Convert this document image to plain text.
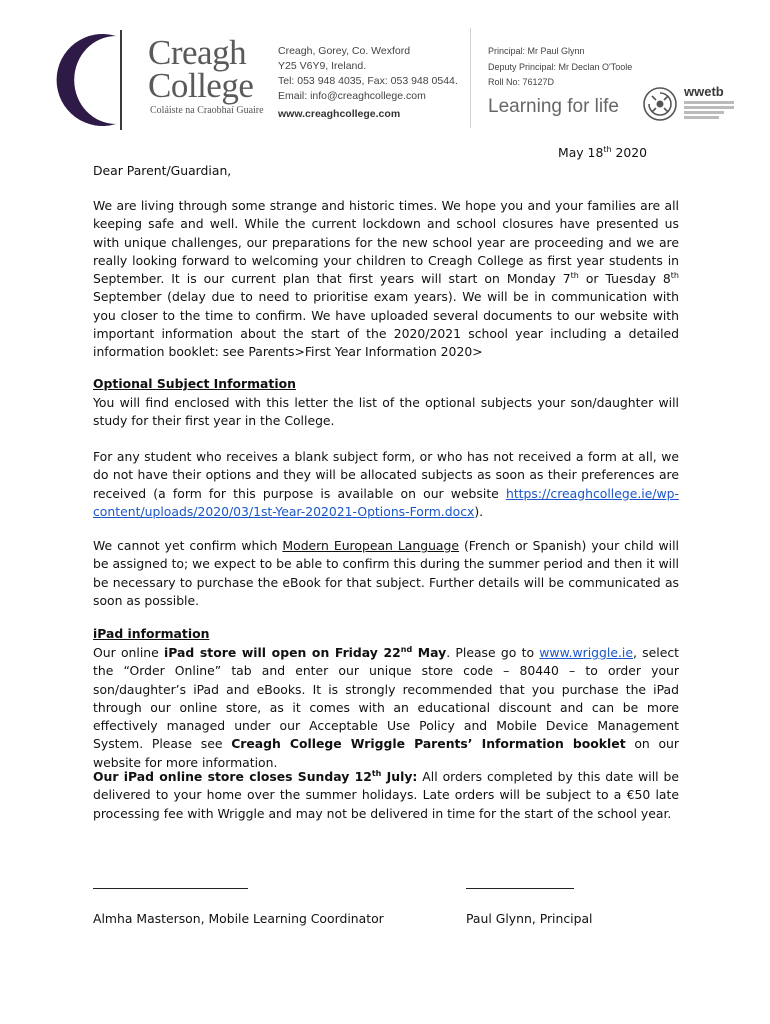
Creagh
College
Coláiste na Craobhaí Guaire
Creagh, Gorey, Co. Wexford
Y25 V6Y9, Ireland.
Tel: 053 948 4035, Fax: 053 948 0544.
Email: info@creaghcollege.com
www.creaghcollege.com
Principal: Mr Paul Glynn
Deputy Principal: Mr Declan O'Toole
Roll No: 76127D
Learning for life
wwetb
May 18th 2020
Dear Parent/Guardian,

We are living through some strange and historic times. We hope you and your families are all keeping safe and well. While the current lockdown and school closures have presented us with unique challenges, our preparations for the new school year are proceeding and we are really looking forward to welcoming your children to Creagh College as first year students in September. It is our current plan that first years will start on Monday 7th or Tuesday 8th September (delay due to need to prioritise exam years). We will be in communication with you closer to the time to confirm. We have uploaded several documents to our website with important information about the start of the 2020/2021 school year including a detailed information booklet: see Parents>First Year Information 2020>

Optional Subject Information

You will find enclosed with this letter the list of the optional subjects your son/daughter will study for their first year in the College.

For any student who receives a blank subject form, or who has not received a form at all, we do not have their options and they will be allocated subjects as soon as their preferences are received (a form for this purpose is available on our website https://creaghcollege.ie/wp-content/uploads/2020/03/1st-Year-202021-Options-Form.docx).

We cannot yet confirm which Modern European Language (French or Spanish) your child will be assigned to; we expect to be able to confirm this during the summer period and then it will be necessary to purchase the eBook for that subject. Further details will be communicated as soon as possible.

iPad information

Our online iPad store will open on Friday 22nd May. Please go to www.wriggle.ie, select the “Order Online” tab and enter our unique store code – 80440 – to order your son/daughter’s iPad and eBooks. It is strongly recommended that you purchase the iPad through our online store, as it comes with an educational discount and can be more effectively managed under our Acceptable Use Policy and Mobile Device Management System. Please see Creagh College Wriggle Parents’ Information booklet on our website for more information.

Our iPad online store closes Sunday 12th July: All orders completed by this date will be delivered to your home over the summer holidays. Late orders will be subject to a €50 late processing fee with Wriggle and may not be delivered in time for the start of the school year.

Almha Masterson, Mobile Learning Coordinator	Paul Glynn, Principal
